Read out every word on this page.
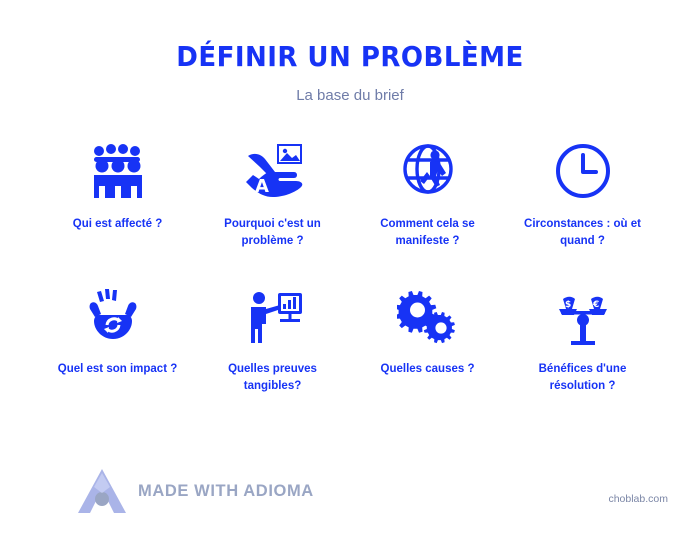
DÉFINIR UN PROBLÈME
La base du brief
Qui est affecté ?
A
Pourquoi c'est un problème ?
Comment cela se manifeste ?
Circonstances : où et quand ?
Quel est son impact ?	Quelles preuves tangibles?
Quelles causes ?
$ €
Bénéfices d'une résolution ?
MADE WITH ADIOMA	choblab.com
